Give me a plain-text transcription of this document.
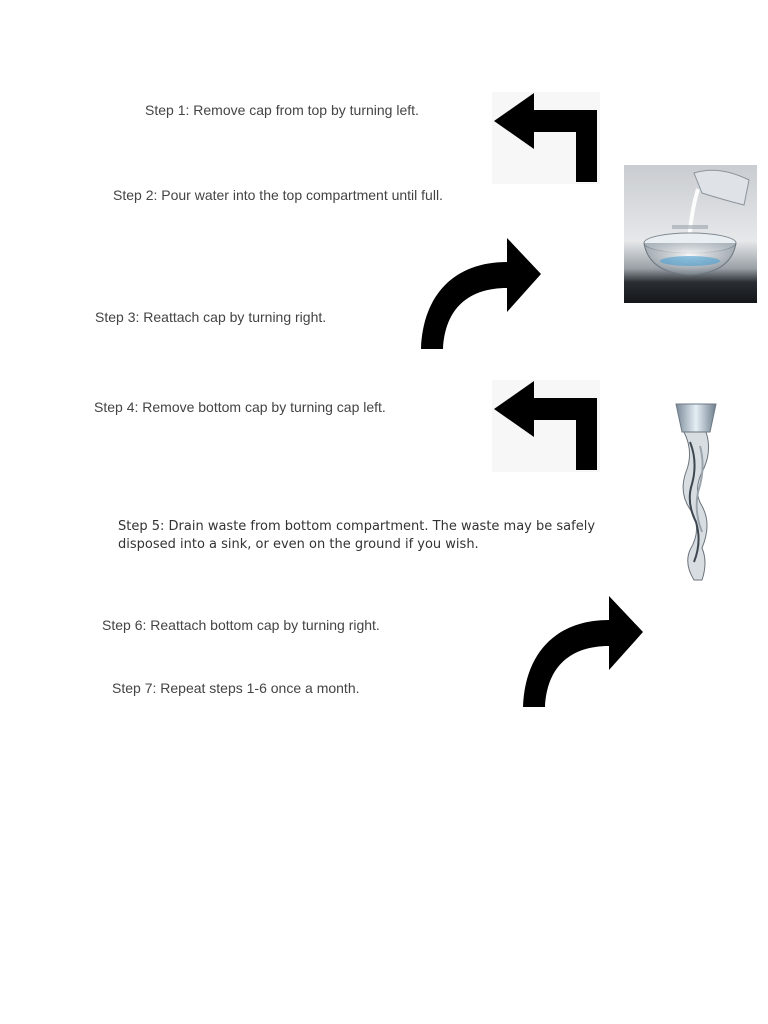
Step 1: Remove cap from top by turning left.
Step 2: Pour water into the top compartment until full.
Step 3: Reattach cap by turning right.
Step 4: Remove bottom cap by turning cap left.
Step 5: Drain waste from bottom compartment. The waste may be safely disposed into a sink, or even on the ground if you wish.
Step 6: Reattach bottom cap by turning right.
Step 7: Repeat steps 1-6 once a month.
